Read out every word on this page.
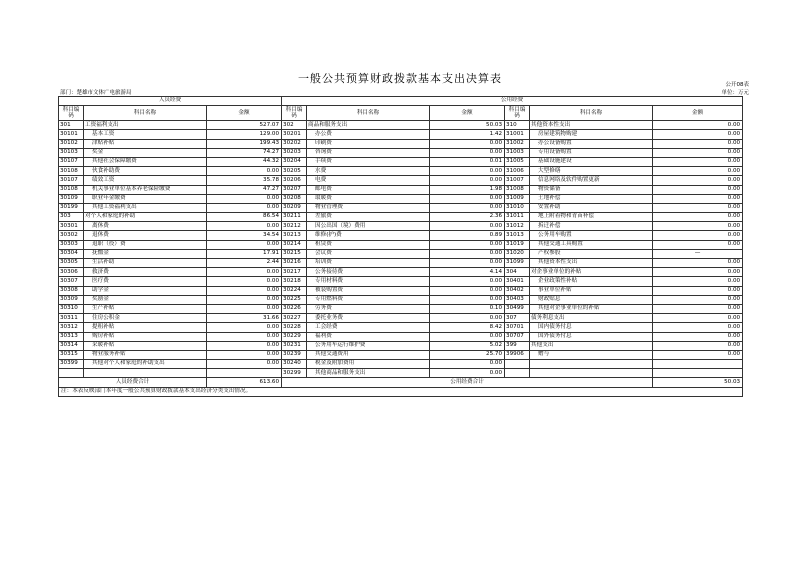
一般公共预算财政拨款基本支出决算表	公开08表
部门：楚雄市文体广电旅游局	单位：万元
人员经费			公用经费					
科目编码	科目名称	金额	科目编码	科目名称	金额	科目编码	科目名称	金额
301	工资福利支出	527.07	302	商品和服务支出	50.03	310	其他资本性支出	0.00
30101	基本工资	129.00	30201	办公费	1.42	31001	房屋建筑物购建	0.00
30102	津贴补贴	199.43	30202	印刷费	0.00	31002	办公设备购置	0.00
30103	奖金	74.27	30203	咨询费	0.00	31003	专用设备购置	0.00
30107	其他社会保障缴费	44.32	30204	手续费	0.01	31005	基础设施建设	0.00
30108	伙食补助费	0.00	30205	水费	0.00	31006	大型修缮	0.00
30107	绩效工资	35.78	30206	电费	0.00	31007	信息网络及软件购置更新	0.00
30108	机关事业单位基本养老保险缴费	47.27	30207	邮电费	1.98	31008	物资储备	0.00
30109	职业年金缴费	0.00	30208	取暖费	0.00	31009	土地补偿	0.00
30199	其他工资福利支出	0.00	30209	物业管理费	0.00	31010	安置补助	0.00
303	对个人和家庭的补助	86.54	30211	差旅费	2.36	31011	地上附着物和青苗补偿	0.00
30301	离休费	0.00	30212	因公出国（境）费用	0.00	31012	拆迁补偿	0.00
30302	退休费	34.54	30213	维修(护)费	0.89	31013	公务用车购置	0.00
30303	退职（役）费	0.00	30214	租赁费	0.00	31019	其他交通工具购置	0.00
30304	抚恤金	17.91	30215	会议费	0.00	31020	产权参股	—
30305	生活补助	2.44	30216	培训费	0.00	31099	其他资本性支出	0.00
30306	救济费	0.00	30217	公务接待费	4.14	304	对企事业单位的补贴	0.00
30307	医疗费	0.00	30218	专用材料费	0.00	30401	企业政策性补贴	0.00
30308	助学金	0.00	30224	被装购置费	0.00	30402	事业单位补贴	0.00
30309	奖励金	0.00	30225	专用燃料费	0.00	30403	财政贴息	0.00
30310	生产补贴	0.00	30226	劳务费	0.10	30499	其他对企事业单位的补贴	0.00
30311	住房公积金	31.66	30227	委托业务费	0.00	307	债务利息支出	0.00
30312	提租补贴	0.00	30228	工会经费	8.42	30701	国内债务付息	0.00
30313	购房补贴	0.00	30229	福利费	0.00	30707	国外债务付息	0.00
30314	采暖补贴	0.00	30231	公务用车运行维护费	5.02	399	其他支出	0.00
30315	物业服务补贴	0.00	30239	其他交通费用	25.70	39906	赠与	0.00
30399	其他对个人和家庭的补助支出	0.00	30240	税金及附加费用	0.00			
			30299	其他商品和服务支出	0.00			
人员经费合计		613.60	公用经费合计					50.03
注：本表反映部门本年度一般公共预算财政拨款基本支出经济分类支出情况。								
